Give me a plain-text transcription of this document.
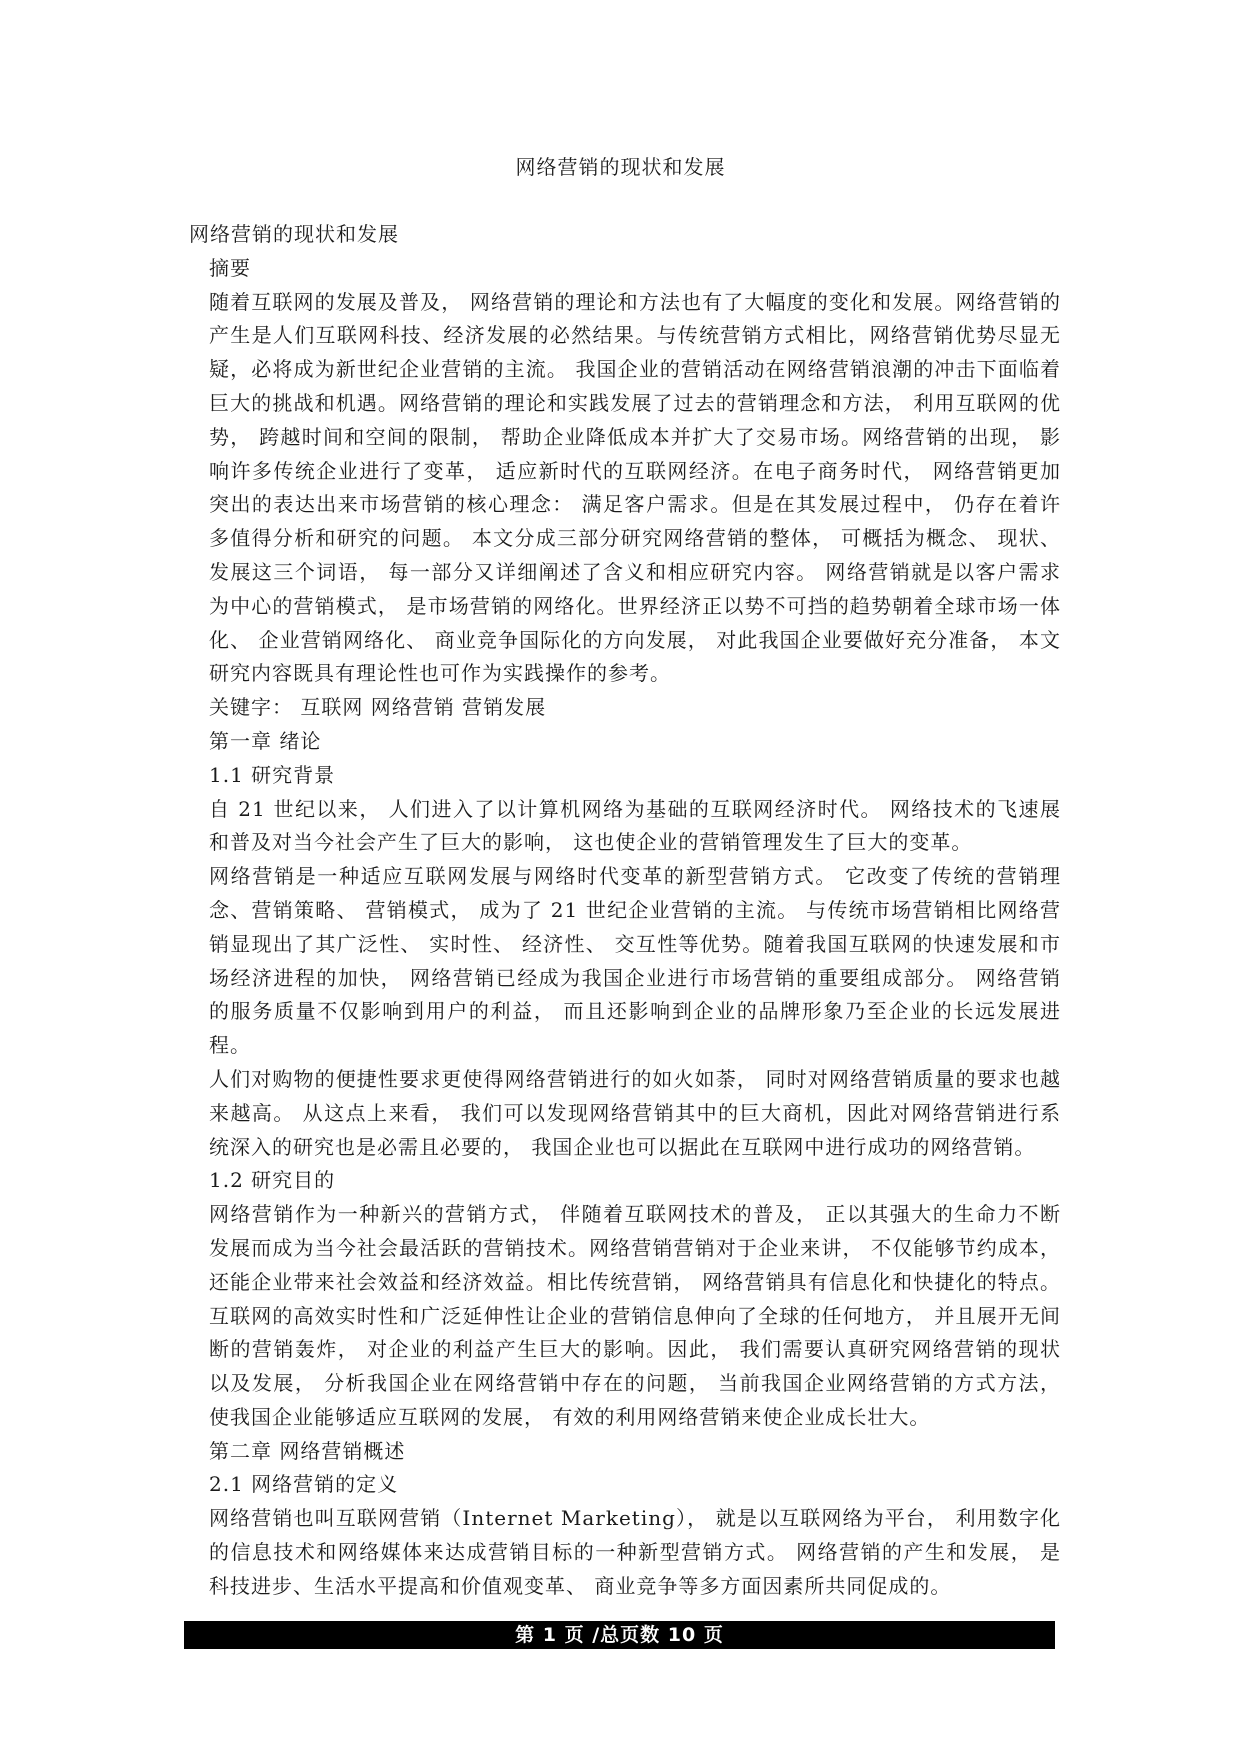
网络营销的现状和发展

网络营销的现状和发展

摘要

随着互联网的发展及普及， 网络营销的理论和方法也有了大幅度的变化和发展。网络营销的产生是人们互联网科技、经济发展的必然结果。与传统营销方式相比，网络营销优势尽显无疑，必将成为新世纪企业营销的主流。 我国企业的营销活动在网络营销浪潮的冲击下面临着巨大的挑战和机遇。网络营销的理论和实践发展了过去的营销理念和方法， 利用互联网的优势， 跨越时间和空间的限制， 帮助企业降低成本并扩大了交易市场。网络营销的出现， 影响许多传统企业进行了变革， 适应新时代的互联网经济。在电子商务时代， 网络营销更加突出的表达出来市场营销的核心理念： 满足客户需求。但是在其发展过程中， 仍存在着许多值得分析和研究的问题。 本文分成三部分研究网络营销的整体， 可概括为概念、 现状、 发展这三个词语， 每一部分又详细阐述了含义和相应研究内容。 网络营销就是以客户需求为中心的营销模式， 是市场营销的网络化。世界经济正以势不可挡的趋势朝着全球市场一体化、 企业营销网络化、 商业竞争国际化的方向发展， 对此我国企业要做好充分准备， 本文研究内容既具有理论性也可作为实践操作的参考。

关键字： 互联网 网络营销 营销发展

第一章 绪论

1.1 研究背景

自 21 世纪以来， 人们进入了以计算机网络为基础的互联网经济时代。 网络技术的飞速展和普及对当今社会产生了巨大的影响， 这也使企业的营销管理发生了巨大的变革。

网络营销是一种适应互联网发展与网络时代变革的新型营销方式。 它改变了传统的营销理念、营销策略、 营销模式， 成为了 21 世纪企业营销的主流。 与传统市场营销相比网络营销显现出了其广泛性、 实时性、 经济性、 交互性等优势。随着我国互联网的快速发展和市场经济进程的加快， 网络营销已经成为我国企业进行市场营销的重要组成部分。 网络营销的服务质量不仅影响到用户的利益， 而且还影响到企业的品牌形象乃至企业的长远发展进程。

人们对购物的便捷性要求更使得网络营销进行的如火如荼， 同时对网络营销质量的要求也越来越高。 从这点上来看， 我们可以发现网络营销其中的巨大商机，因此对网络营销进行系统深入的研究也是必需且必要的， 我国企业也可以据此在互联网中进行成功的网络营销。

1.2 研究目的

网络营销作为一种新兴的营销方式， 伴随着互联网技术的普及， 正以其强大的生命力不断发展而成为当今社会最活跃的营销技术。网络营销营销对于企业来讲， 不仅能够节约成本， 还能企业带来社会效益和经济效益。相比传统营销， 网络营销具有信息化和快捷化的特点。互联网的高效实时性和广泛延伸性让企业的营销信息伸向了全球的任何地方， 并且展开无间断的营销轰炸， 对企业的利益产生巨大的影响。因此， 我们需要认真研究网络营销的现状以及发展， 分析我国企业在网络营销中存在的问题， 当前我国企业网络营销的方式方法， 使我国企业能够适应互联网的发展， 有效的利用网络营销来使企业成长壮大。

第二章 网络营销概述

2.1 网络营销的定义

网络营销也叫互联网营销（Internet Marketing）， 就是以互联网络为平台， 利用数字化的信息技术和网络媒体来达成营销目标的一种新型营销方式。 网络营销的产生和发展， 是科技进步、生活水平提高和价值观变革、 商业竞争等多方面因素所共同促成的。

第 1 页 /总页数 10 页
